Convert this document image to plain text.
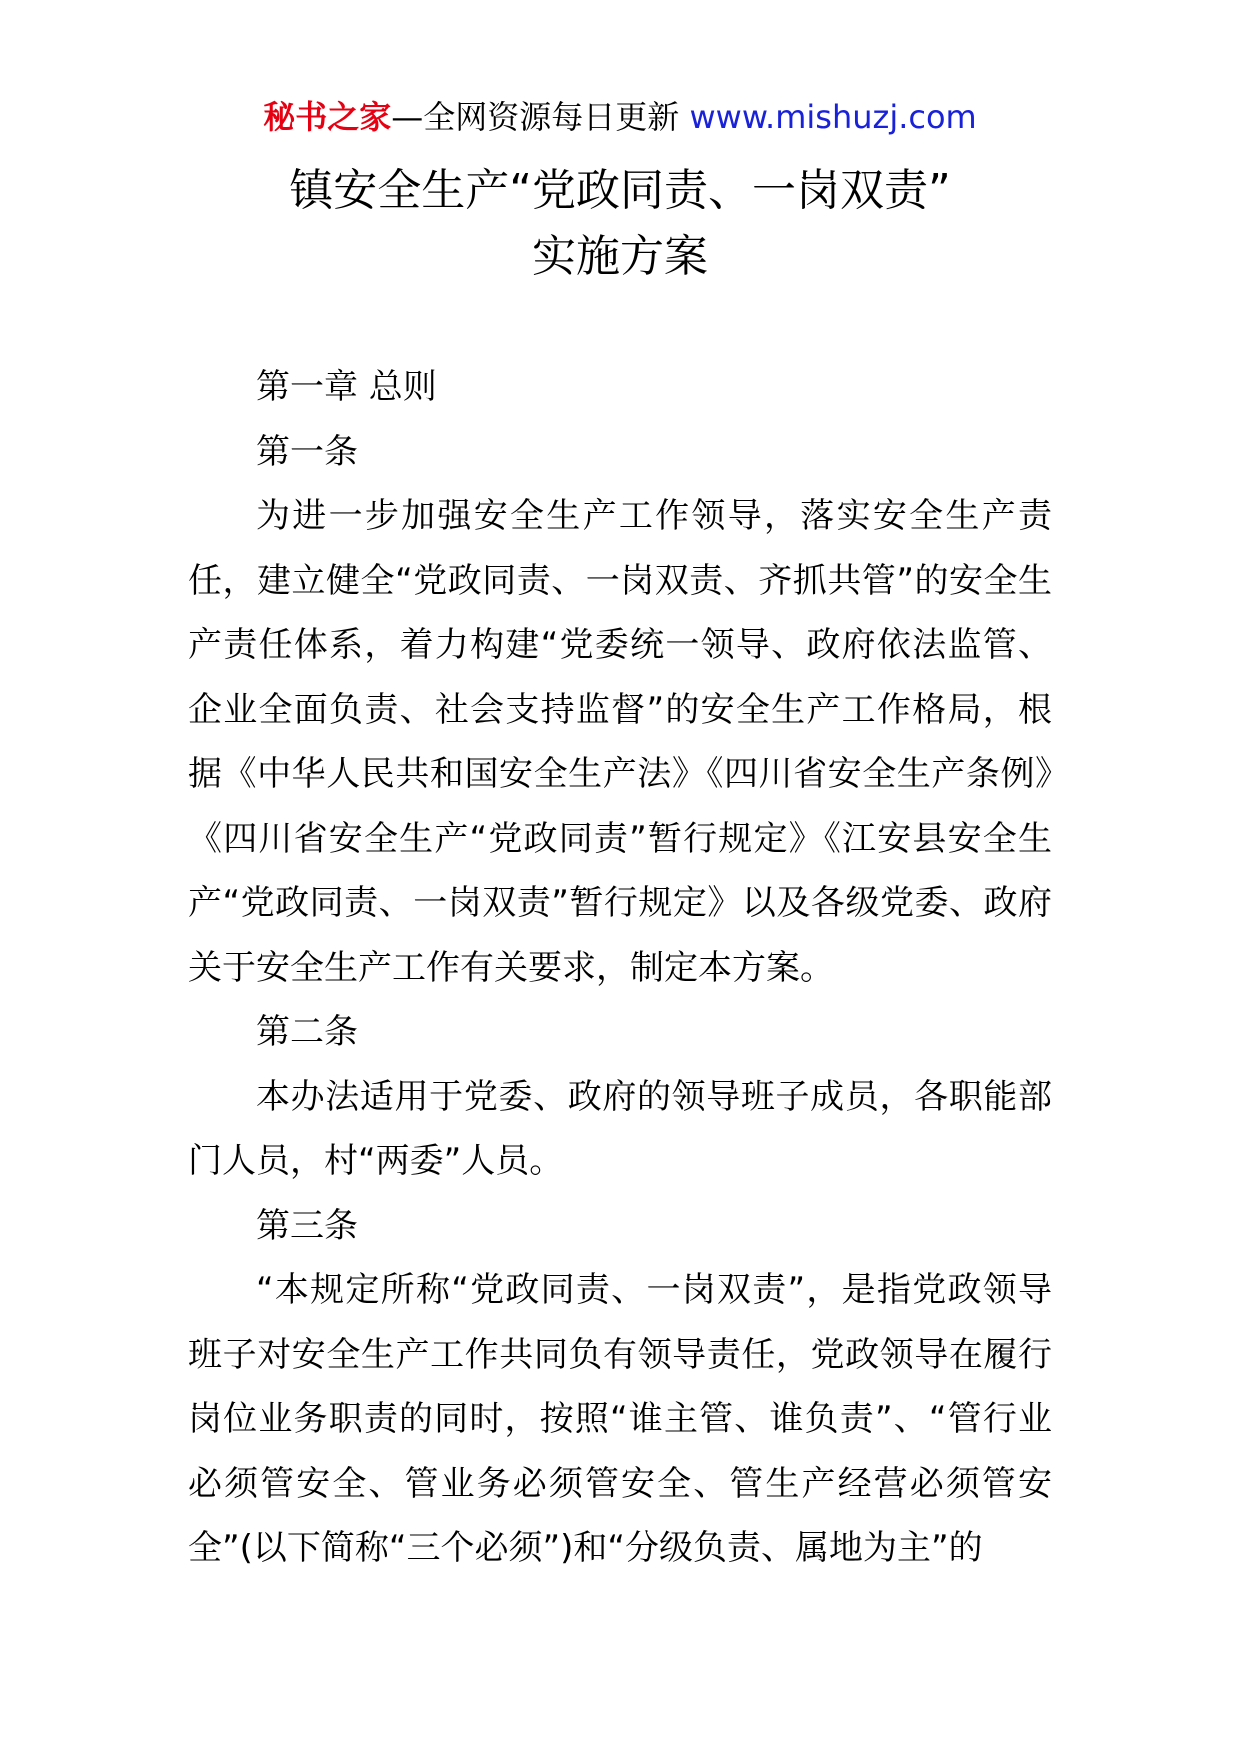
秘书之家—全网资源每日更新 www.mishuzj.com
镇安全生产“党政同责、一岗双责”
实施方案

第一章 总则

第一条

为进一步加强安全生产工作领导，落实安全生产责任，建立健全“党政同责、一岗双责、齐抓共管”的安全生产责任体系，着力构建“党委统一领导、政府依法监管、企业全面负责、社会支持监督”的安全生产工作格局，根据《中华人民共和国安全生产法》《四川省安全生产条例》《四川省安全生产“党政同责”暂行规定》《江安县安全生产“党政同责、一岗双责”暂行规定》以及各级党委、政府关于安全生产工作有关要求，制定本方案。

第二条

本办法适用于党委、政府的领导班子成员，各职能部门人员，村“两委”人员。

第三条

“本规定所称“党政同责、一岗双责”，是指党政领导班子对安全生产工作共同负有领导责任，党政领导在履行岗位业务职责的同时，按照“谁主管、谁负责”、“管行业必须管安全、管业务必须管安全、管生产经营必须管安全”(以下简称“三个必须”)和“分级负责、属地为主”的
